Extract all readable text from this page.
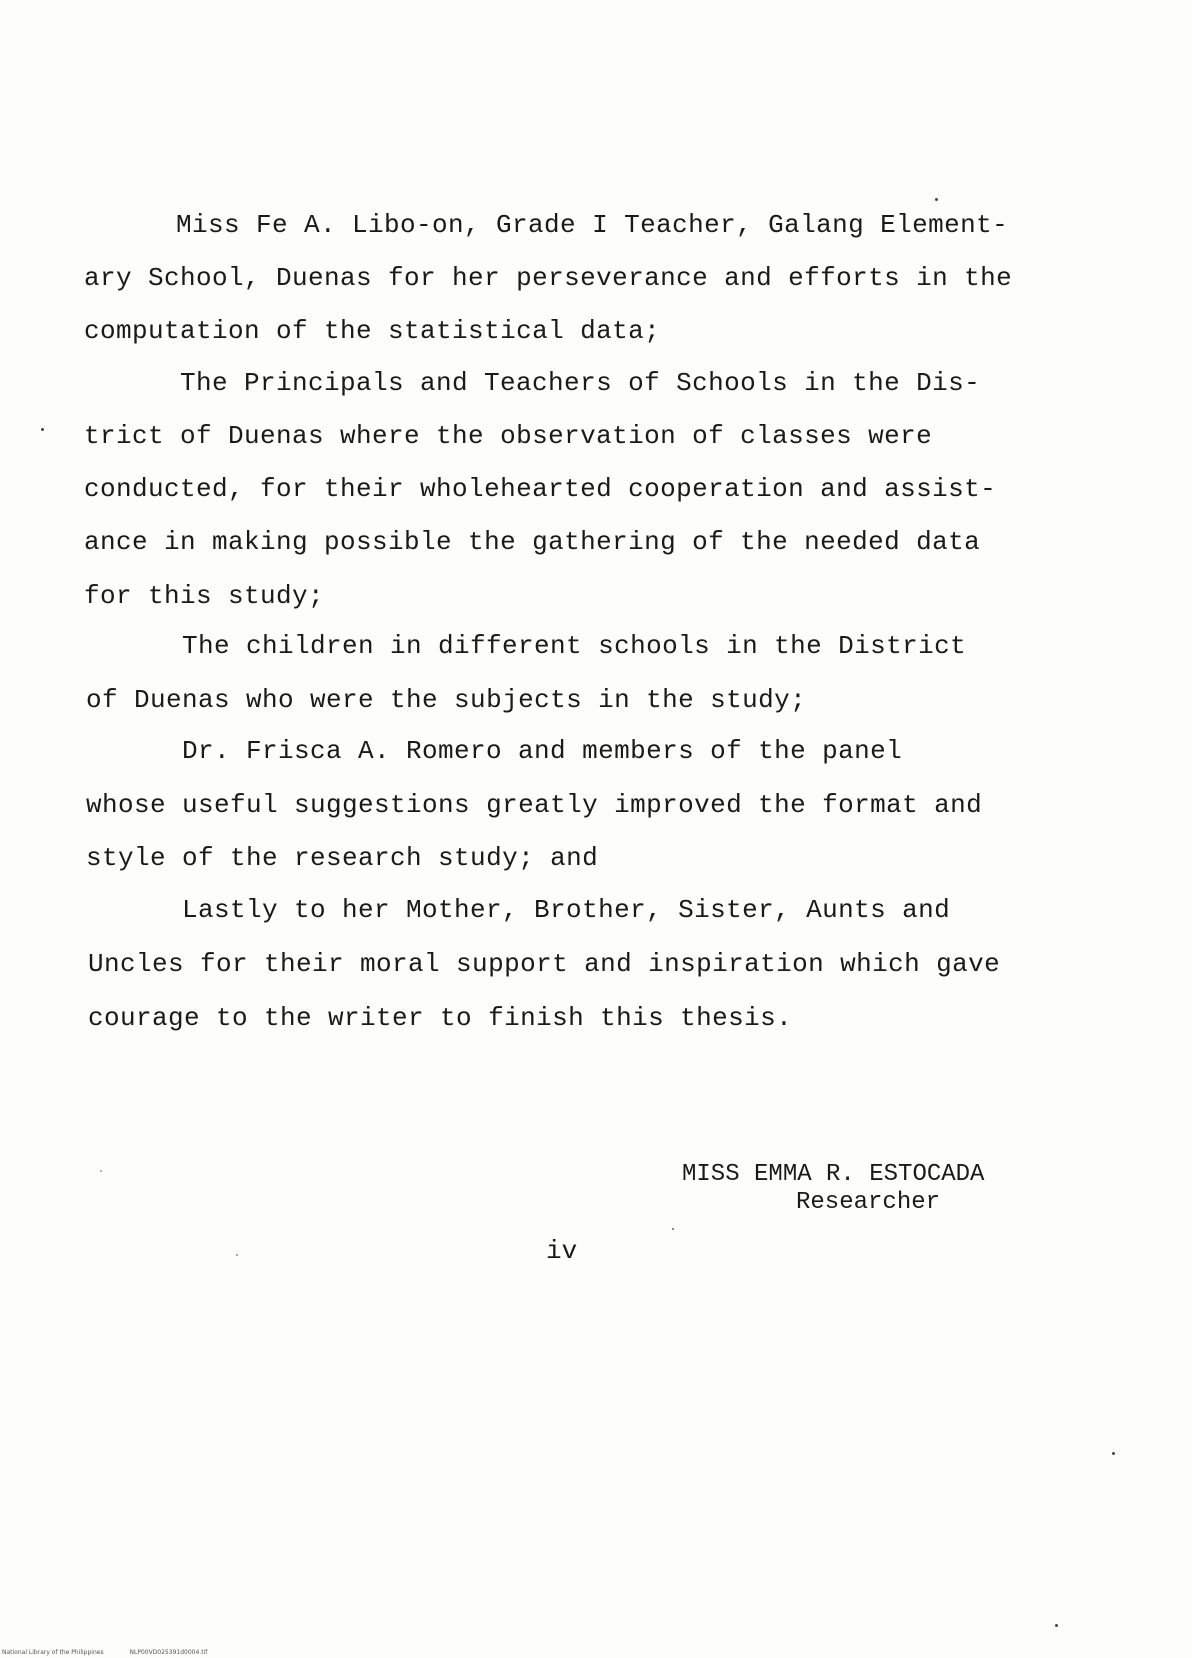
Miss Fe A. Libo-on, Grade I Teacher, Galang Element-
ary School, Duenas for her perseverance and efforts in the
computation of the statistical data;
The Principals and Teachers of Schools in the Dis-
trict of Duenas where the observation of classes were
conducted, for their wholehearted cooperation and assist-
ance in making possible the gathering of the needed data
for this study;
The children in different schools in the District
of Duenas who were the subjects in the study;
Dr. Frisca A. Romero and members of the panel
whose useful suggestions greatly improved the format and
style of the research study; and
Lastly to her Mother, Brother, Sister, Aunts and
Uncles for their moral support and inspiration which gave
courage to the writer to finish this thesis.
MISS EMMA R. ESTOCADA
Researcher
iv
National Library of the Philippines	NLP00VD025391d0004.tif
